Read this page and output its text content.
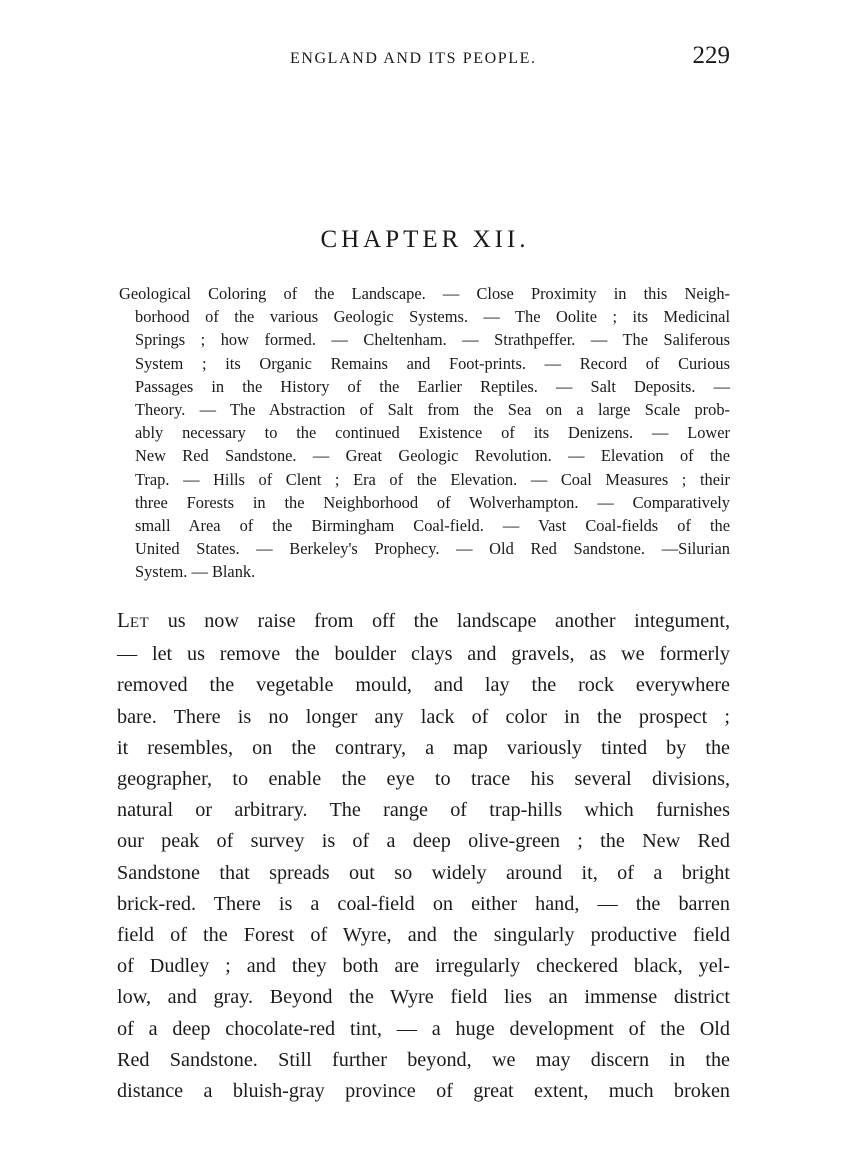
ENGLAND AND ITS PEOPLE.	229
CHAPTER XII.
Geological Coloring of the Landscape. — Close Proximity in this Neigh-
borhood of the various Geologic Systems. — The Oolite ; its Medicinal
Springs ; how formed. — Cheltenham. — Strathpeffer. — The Saliferous
System ; its Organic Remains and Foot-prints. — Record of Curious
Passages in the History of the Earlier Reptiles. — Salt Deposits. —
Theory. — The Abstraction of Salt from the Sea on a large Scale prob-
ably necessary to the continued Existence of its Denizens. — Lower
New Red Sandstone. — Great Geologic Revolution. — Elevation of the
Trap. — Hills of Clent ; Era of the Elevation. — Coal Measures ; their
three Forests in the Neighborhood of Wolverhampton. — Comparatively
small Area of the Birmingham Coal-field. — Vast Coal-fields of the
United States. — Berkeley's Prophecy. — Old Red Sandstone. —Silurian
System. — Blank.
LET us now raise from off the landscape another integument,
— let us remove the boulder clays and gravels, as we formerly
removed the vegetable mould, and lay the rock everywhere
bare. There is no longer any lack of color in the prospect ;
it resembles, on the contrary, a map variously tinted by the
geographer, to enable the eye to trace his several divisions,
natural or arbitrary. The range of trap-hills which furnishes
our peak of survey is of a deep olive-green ; the New Red
Sandstone that spreads out so widely around it, of a bright
brick-red. There is a coal-field on either hand, — the barren
field of the Forest of Wyre, and the singularly productive field
of Dudley ; and they both are irregularly checkered black, yel-
low, and gray. Beyond the Wyre field lies an immense district
of a deep chocolate-red tint, — a huge development of the Old
Red Sandstone. Still further beyond, we may discern in the
distance a bluish-gray province of great extent, much broken
